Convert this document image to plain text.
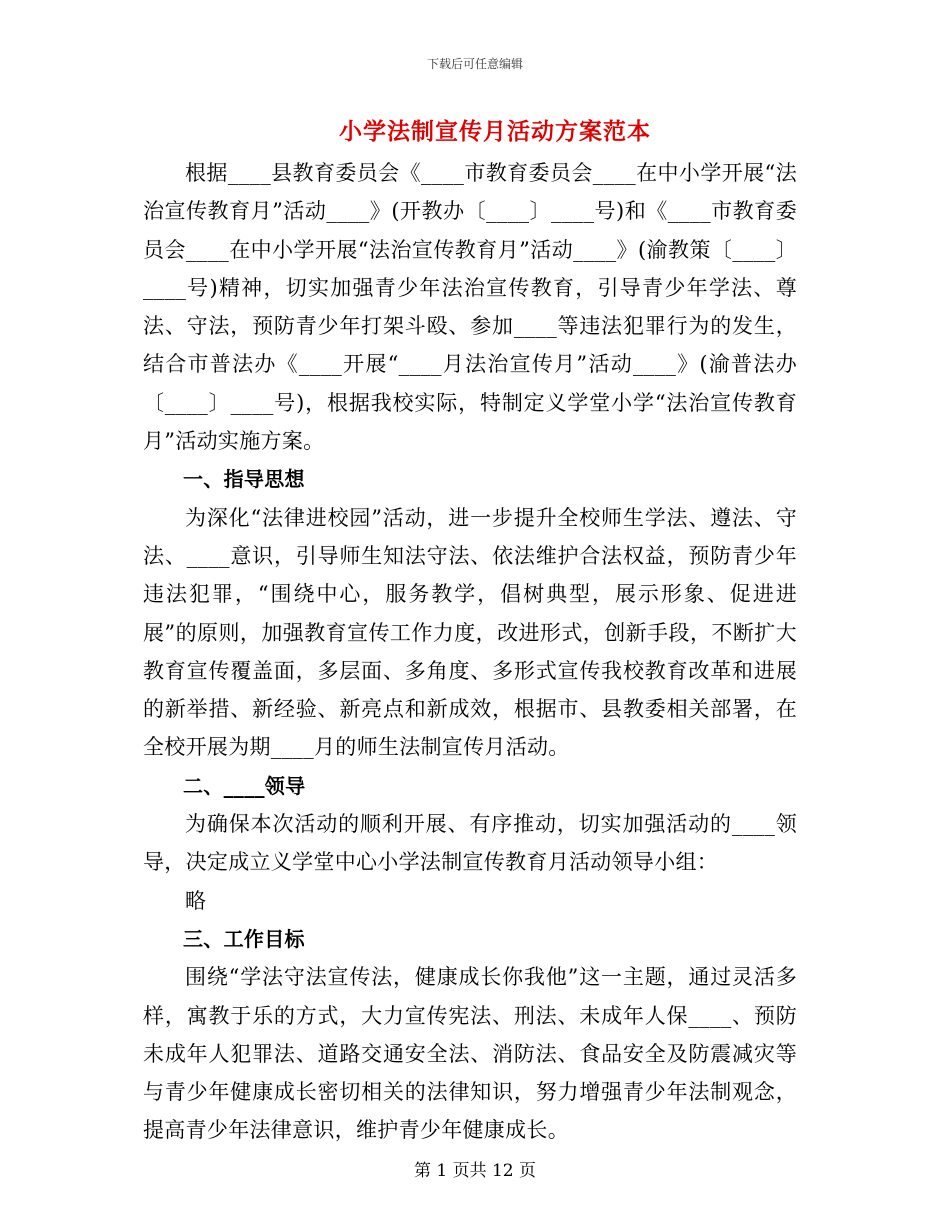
下载后可任意编辑
小学法制宣传月活动方案范本

根据____县教育委员会《____市教育委员会____在中小学开展“法治宣传教育月”活动____》(开教办〔____〕____号)和《____市教育委员会____在中小学开展“法治宣传教育月”活动____》(渝教策〔____〕____号)精神，切实加强青少年法治宣传教育，引导青少年学法、尊法、守法，预防青少年打架斗殴、参加____等违法犯罪行为的发生，结合市普法办《____开展“____月法治宣传月”活动____》(渝普法办〔____〕____号)，根据我校实际，特制定义学堂小学“法治宣传教育月”活动实施方案。

一、指导思想

为深化“法律进校园”活动，进一步提升全校师生学法、遵法、守法、____意识，引导师生知法守法、依法维护合法权益，预防青少年违法犯罪，“围绕中心，服务教学，倡树典型，展示形象、促进进展”的原则，加强教育宣传工作力度，改进形式，创新手段，不断扩大教育宣传覆盖面，多层面、多角度、多形式宣传我校教育改革和进展的新举措、新经验、新亮点和新成效，根据市、县教委相关部署，在全校开展为期____月的师生法制宣传月活动。

二、____领导

为确保本次活动的顺利开展、有序推动，切实加强活动的____领导，决定成立义学堂中心小学法制宣传教育月活动领导小组：

略

三、工作目标

围绕“学法守法宣传法，健康成长你我他”这一主题，通过灵活多样，寓教于乐的方式，大力宣传宪法、刑法、未成年人保____、预防未成年人犯罪法、道路交通安全法、消防法、食品安全及防震减灾等与青少年健康成长密切相关的法律知识，努力增强青少年法制观念，提高青少年法律意识，维护青少年健康成长。

第 1 页共 12 页
